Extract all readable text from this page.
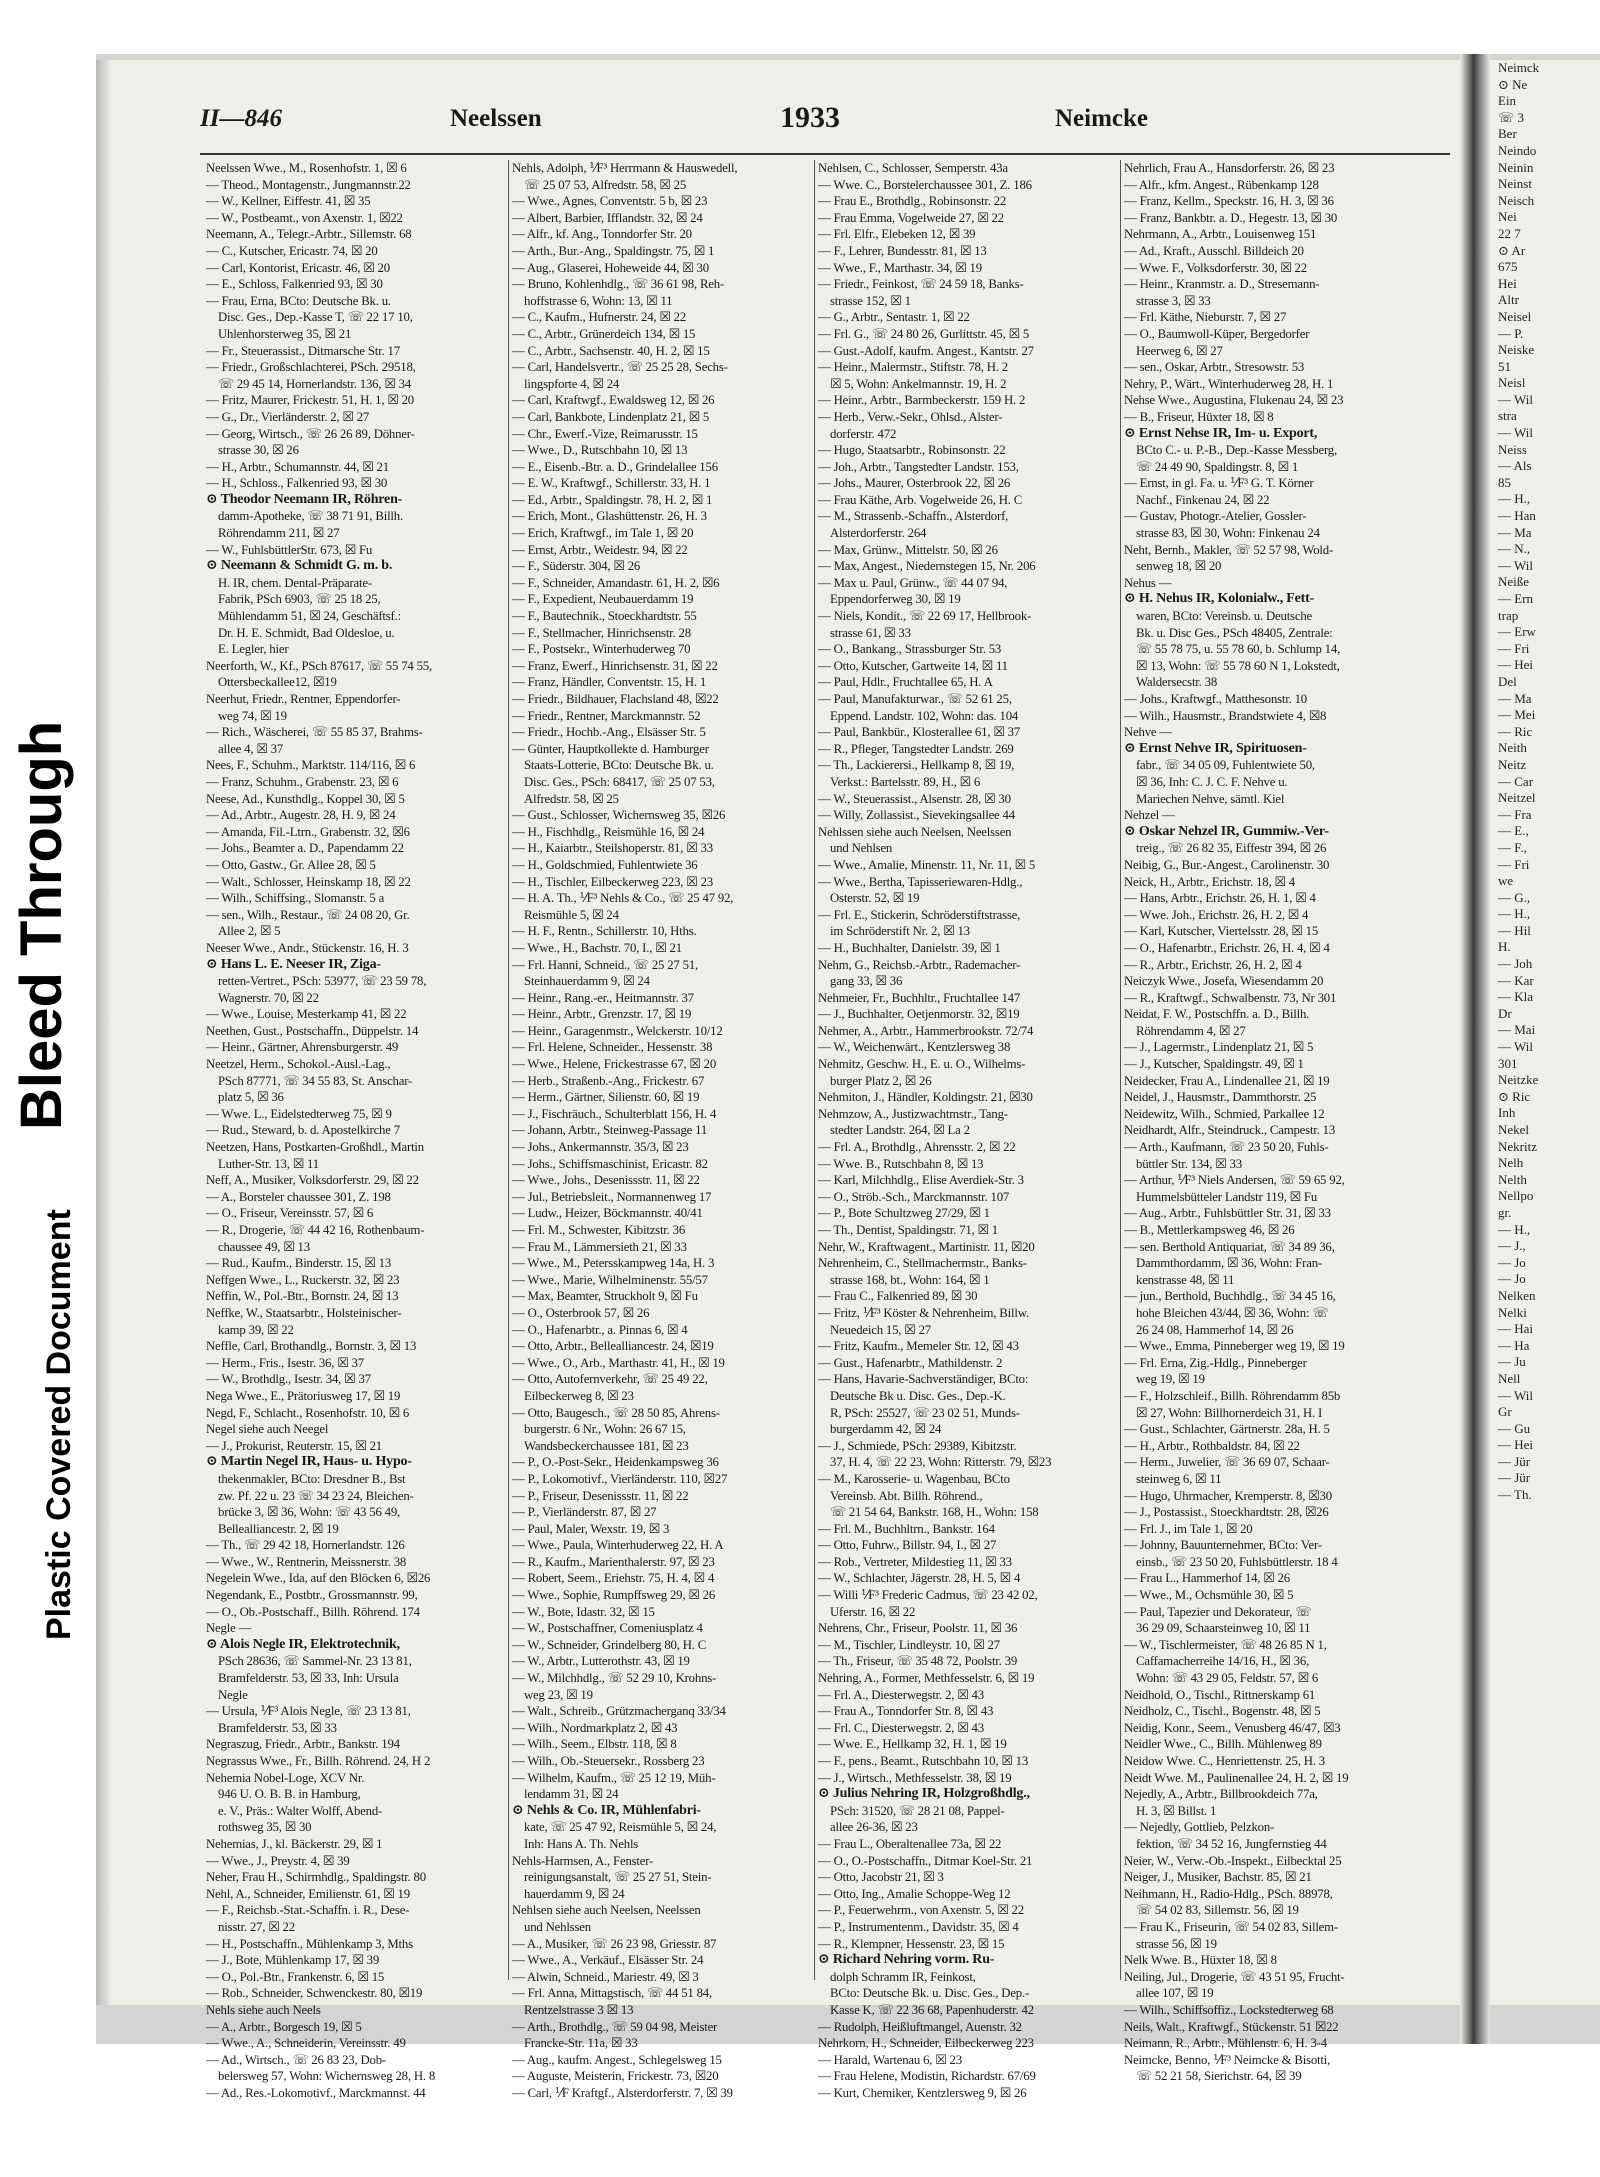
Bleed Through
Plastic Covered Document
Neimck
⊙ Ne
Ein
☏ 3
Ber
Neindo
Neinin
Neinst
Neisch
Nei
22 7
⊙ Ar
675
Hei
Altr
Neisel
— P.
Neiske
51
Neisl
— Wil
stra
— Wil
Neiss
— Als
85
— H.,
— Han
— Ma
— N.,
— Wil
Neiße
— Ern
trap
— Erw
— Fri
— Hei
Del
— Ma
— Mei
— Ric
Neith
Neitz
— Car
Neitzel
— Fra
— E.,
— F.,
— Fri
we
— G.,
— H.,
— Hil
H.
— Joh
— Kar
— Kla
Dr
— Mai
— Wil
301
Neitzke
⊙ Ric
Inh
Nekel
Nekritz
Nelh
Nelth
Nellpo
gr.
— H.,
— J.,
— Jo
— Jo
Nelken
Nelki
— Hai
— Ha
— Ju
Nell
— Wil
Gr
— Gu
— Hei
— Jür
— Jür
— Th.
II—846	Neelssen	1933	Neimcke
Neelssen Wwe., M., Rosenhofstr. 1, ☒ 6
— Theod., Montagenstr., Jungmannstr.22
— W., Kellner, Eiffestr. 41, ☒ 35
— W., Postbeamt., von Axenstr. 1, ☒22
Neemann, A., Telegr.-Arbtr., Sillemstr. 68
— C., Kutscher, Ericastr. 74, ☒ 20
— Carl, Kontorist, Ericastr. 46, ☒ 20
— E., Schloss, Falkenried 93, ☒ 30
— Frau, Erna, BCto: Deutsche Bk. u.
Disc. Ges., Dep.-Kasse T, ☏ 22 17 10,
Uhlenhorsterweg 35, ☒ 21
— Fr., Steuerassist., Ditmarsche Str. 17
— Friedr., Großschlachterei, PSch. 29518,
☏ 29 45 14, Hornerlandstr. 136, ☒ 34
— Fritz, Maurer, Frickestr. 51, H. 1, ☒ 20
— G., Dr., Vierländerstr. 2, ☒ 27
— Georg, Wirtsch., ☏ 26 26 89, Döhner-
strasse 30, ☒ 26
— H., Arbtr., Schumannstr. 44, ☒ 21
— H., Schloss., Falkenried 93, ☒ 30
⊙ Theodor Neemann IR, Röhren-
damm-Apotheke, ☏ 38 71 91, Billh.
Röhrendamm 211, ☒ 27
— W., FuhlsbüttlerStr. 673, ☒ Fu
⊙ Neemann & Schmidt G. m. b.
H. IR, chem. Dental-Präparate-
Fabrik, PSch 6903, ☏ 25 18 25,
Mühlendamm 51, ☒ 24, Geschäftsf.:
Dr. H. E. Schmidt, Bad Oldesloe, u.
E. Legler, hier
Neerforth, W., Kf., PSch 87617, ☏ 55 74 55,
Ottersbeckallee12, ☒19
Neerhut, Friedr., Rentner, Eppendorfer-
weg 74, ☒ 19
— Rich., Wäscherei, ☏ 55 85 37, Brahms-
allee 4, ☒ 37
Nees, F., Schuhm., Marktstr. 114/116, ☒ 6
— Franz, Schuhm., Grabenstr. 23, ☒ 6
Neese, Ad., Kunsthdlg., Koppel 30, ☒ 5
— Ad., Arbtr., Augestr. 28, H. 9, ☒ 24
— Amanda, Fil.-Ltrn., Grabenstr. 32, ☒6
— Johs., Beamter a. D., Papendamm 22
— Otto, Gastw., Gr. Allee 28, ☒ 5
— Walt., Schlosser, Heinskamp 18, ☒ 22
— Wilh., Schiffsing., Slomanstr. 5 a
— sen., Wilh., Restaur., ☏ 24 08 20, Gr.
Allee 2, ☒ 5
Neeser Wwe., Andr., Stückenstr. 16, H. 3
⊙ Hans L. E. Neeser IR, Ziga-
retten-Vertret., PSch: 53977, ☏ 23 59 78,
Wagnerstr. 70, ☒ 22
— Wwe., Louise, Mesterkamp 41, ☒ 22
Neethen, Gust., Postschaffn., Düppelstr. 14
— Heinr., Gärtner, Ahrensburgerstr. 49
Neetzel, Herm., Schokol.-Ausl.-Lag.,
PSch 87771, ☏ 34 55 83, St. Anschar-
platz 5, ☒ 36
— Wwe. L., Eidelstedterweg 75, ☒ 9
— Rud., Steward, b. d. Apostelkirche 7
Neetzen, Hans, Postkarten-Großhdl., Martin
Luther-Str. 13, ☒ 11
Neff, A., Musiker, Volksdorferstr. 29, ☒ 22
— A., Borsteler chaussee 301, Z. 198
— O., Friseur, Vereinsstr. 57, ☒ 6
— R., Drogerie, ☏ 44 42 16, Rothenbaum-
chaussee 49, ☒ 13
— Rud., Kaufm., Binderstr. 15, ☒ 13
Neffgen Wwe., L., Ruckerstr. 32, ☒ 23
Neffin, W., Pol.-Btr., Bornstr. 24, ☒ 13
Neffke, W., Staatsarbtr., Holsteinischer-
kamp 39, ☒ 22
Neffle, Carl, Brothandlg., Bornstr. 3, ☒ 13
— Herm., Fris., Isestr. 36, ☒ 37
— W., Brothdlg., Isestr. 34, ☒ 37
Nega Wwe., E., Prätoriusweg 17, ☒ 19
Negd, F., Schlacht., Rosenhofstr. 10, ☒ 6
Negel siehe auch Neegel
— J., Prokurist, Reuterstr. 15, ☒ 21
⊙ Martin Negel IR, Haus- u. Hypo-
thekenmakler, BCto: Dresdner B., Bst
zw. Pf. 22 u. 23 ☏ 34 23 24, Bleichen-
brücke 3, ☒ 36, Wohn: ☏ 43 56 49,
Bellealliancestr. 2, ☒ 19
— Th., ☏ 29 42 18, Hornerlandstr. 126
— Wwe., W., Rentnerin, Meissnerstr. 38
Negelein Wwe., Ida, auf den Blöcken 6, ☒26
Negendank, E., Postbtr., Grossmannstr. 99,
— O., Ob.-Postschaff., Billh. Röhrend. 174
Negle —
⊙ Alois Negle IR, Elektrotechnik,
PSch 28636, ☏ Sammel-Nr. 23 13 81,
Bramfelderstr. 53, ☒ 33, Inh: Ursula
Negle
— Ursula, ⅟F³ Alois Negle, ☏ 23 13 81,
Bramfelderstr. 53, ☒ 33
Negraszug, Friedr., Arbtr., Bankstr. 194
Negrassus Wwe., Fr., Billh. Röhrend. 24, H 2
Nehemia Nobel-Loge, XCV Nr.
946 U. O. B. B. in Hamburg,
e. V., Präs.: Walter Wolff, Abend-
rothsweg 35, ☒ 30
Nehemias, J., kl. Bäckerstr. 29, ☒ 1
— Wwe., J., Preystr. 4, ☒ 39
Neher, Frau H., Schirmhdlg., Spaldingstr. 80
Nehl, A., Schneider, Emilienstr. 61, ☒ 19
— F., Reichsb.-Stat.-Schaffn. i. R., Dese-
nisstr. 27, ☒ 22
— H., Postschaffn., Mühlenkamp 3, Mths
— J., Bote, Mühlenkamp 17, ☒ 39
— O., Pol.-Btr., Frankenstr. 6, ☒ 15
— Rob., Schneider, Schwenckestr. 80, ☒19
Nehls siehe auch Neels
— A., Arbtr., Borgesch 19, ☒ 5
— Wwe., A., Schneiderin, Vereinsstr. 49
— Ad., Wirtsch., ☏ 26 83 23, Dob-
belersweg 57, Wohn: Wichernsweg 28, H. 8
— Ad., Res.-Lokomotivf., Marckmannst. 44
Nehls, Adolph, ⅟F³ Herrmann & Hauswedell,
☏ 25 07 53, Alfredstr. 58, ☒ 25
— Wwe., Agnes, Conventstr. 5 b, ☒ 23
— Albert, Barbier, Ifflandstr. 32, ☒ 24
— Alfr., kf. Ang., Tonndorfer Str. 20
— Arth., Bur.-Ang., Spaldingstr. 75, ☒ 1
— Aug., Glaserei, Hoheweide 44, ☒ 30
— Bruno, Kohlenhdlg., ☏ 36 61 98, Reh-
hoffstrasse 6, Wohn: 13, ☒ 11
— C., Kaufm., Hufnerstr. 24, ☒ 22
— C., Arbtr., Grünerdeich 134, ☒ 15
— C., Arbtr., Sachsenstr. 40, H. 2, ☒ 15
— Carl, Handelsvertr., ☏ 25 25 28, Sechs-
lingspforte 4, ☒ 24
— Carl, Kraftwgf., Ewaldsweg 12, ☒ 26
— Carl, Bankbote, Lindenplatz 21, ☒ 5
— Chr., Ewerf.-Vize, Reimarusstr. 15
— Wwe., D., Rutschbahn 10, ☒ 13
— E., Eisenb.-Btr. a. D., Grindelallee 156
— E. W., Kraftwgf., Schillerstr. 33, H. 1
— Ed., Arbtr., Spaldingstr. 78, H. 2, ☒ 1
— Erich, Mont., Glashüttenstr. 26, H. 3
— Erich, Kraftwgf., im Tale 1, ☒ 20
— Ernst, Arbtr., Weidestr. 94, ☒ 22
— F., Süderstr. 304, ☒ 26
— F., Schneider, Amandastr. 61, H. 2, ☒6
— F., Expedient, Neubauerdamm 19
— F., Bautechnik., Stoeckhardtstr. 55
— F., Stellmacher, Hinrichsenstr. 28
— F., Postsekr., Winterhuderweg 70
— Franz, Ewerf., Hinrichsenstr. 31, ☒ 22
— Franz, Händler, Conventstr. 15, H. 1
— Friedr., Bildhauer, Flachsland 48, ☒22
— Friedr., Rentner, Marckmannstr. 52
— Friedr., Hochb.-Ang., Elsässer Str. 5
— Günter, Hauptkollekte d. Hamburger
Staats-Lotterie, BCto: Deutsche Bk. u.
Disc. Ges., PSch: 68417, ☏ 25 07 53,
Alfredstr. 58, ☒ 25
— Gust., Schlosser, Wichernsweg 35, ☒26
— H., Fischhdlg., Reismühle 16, ☒ 24
— H., Kaiarbtr., Steilshoperstr. 81, ☒ 33
— H., Goldschmied, Fuhlentwiete 36
— H., Tischler, Eilbeckerweg 223, ☒ 23
— H. A. Th., ⅟F³ Nehls & Co., ☏ 25 47 92,
Reismühle 5, ☒ 24
— H. F., Rentn., Schillerstr. 10, Hths.
— Wwe., H., Bachstr. 70, I., ☒ 21
— Frl. Hanni, Schneid., ☏ 25 27 51,
Steinhauerdamm 9, ☒ 24
— Heinr., Rang.-er., Heitmannstr. 37
— Heinr., Arbtr., Grenzstr. 17, ☒ 19
— Heinr., Garagenmstr., Welckerstr. 10/12
— Frl. Helene, Schneider., Hessenstr. 38
— Wwe., Helene, Frickestrasse 67, ☒ 20
— Herb., Straßenb.-Ang., Frickestr. 67
— Herm., Gärtner, Silienstr. 60, ☒ 19
— J., Fischräuch., Schulterblatt 156, H. 4
— Johann, Arbtr., Steinweg-Passage 11
— Johs., Ankermannstr. 35/3, ☒ 23
— Johs., Schiffsmaschinist, Ericastr. 82
— Wwe., Johs., Desenissstr. 11, ☒ 22
— Jul., Betriebsleit., Normannenweg 17
— Ludw., Heizer, Böckmannstr. 40/41
— Frl. M., Schwester, Kibitzstr. 36
— Frau M., Lämmersieth 21, ☒ 33
— Wwe., M., Petersskampweg 14a, H. 3
— Wwe., Marie, Wilhelminenstr. 55/57
— Max, Beamter, Struckholt 9, ☒ Fu
— O., Osterbrook 57, ☒ 26
— O., Hafenarbtr., a. Pinnas 6, ☒ 4
— Otto, Arbtr., Bellealliancestr. 24, ☒19
— Wwe., O., Arb., Marthastr. 41, H., ☒ 19
— Otto, Autofernverkehr, ☏ 25 49 22,
Eilbeckerweg 8, ☒ 23
— Otto, Baugesch., ☏ 28 50 85, Ahrens-
burgerstr. 6 Nr., Wohn: 26 67 15,
Wandsbeckerchaussee 181, ☒ 23
— P., O.-Post-Sekr., Heidenkampsweg 36
— P., Lokomotivf., Vierländerstr. 110, ☒27
— P., Friseur, Desenissstr. 11, ☒ 22
— P., Vierländerstr. 87, ☒ 27
— Paul, Maler, Wexstr. 19, ☒ 3
— Wwe., Paula, Winterhuderweg 22, H. A
— R., Kaufm., Marienthalerstr. 97, ☒ 23
— Robert, Seem., Eriehstr. 75, H. 4, ☒ 4
— Wwe., Sophie, Rumpffsweg 29, ☒ 26
— W., Bote, Idastr. 32, ☒ 15
— W., Postschaffner, Comeniusplatz 4
— W., Schneider, Grindelberg 80, H. C
— W., Arbtr., Lutterothstr. 43, ☒ 19
— W., Milchhdlg., ☏ 52 29 10, Krohns-
weg 23, ☒ 19
— Walt., Schreib., Grützmacherganq 33/34
— Wilh., Nordmarkplatz 2, ☒ 43
— Wilh., Seem., Elbstr. 118, ☒ 8
— Wilh., Ob.-Steuersekr., Rossberg 23
— Wilhelm, Kaufm., ☏ 25 12 19, Müh-
lendamm 31, ☒ 24
⊙ Nehls & Co. IR, Mühlenfabri-
kate, ☏ 25 47 92, Reismühle 5, ☒ 24,
Inh: Hans A. Th. Nehls
Nehls-Harmsen, A., Fenster-
reinigungsanstalt, ☏ 25 27 51, Stein-
hauerdamm 9, ☒ 24
Nehlsen siehe auch Neelsen, Neelssen
und Nehlssen
— A., Musiker, ☏ 26 23 98, Griesstr. 87
— Wwe., A., Verkäuf., Elsässer Str. 24
— Alwin, Schneid., Mariestr. 49, ☒ 3
— Frl. Anna, Mittagstisch, ☏ 44 51 84,
Rentzelstrasse 3 ☒ 13
— Arth., Brothdlg., ☏ 59 04 98, Meister
Francke-Str. 11a, ☒ 33
— Aug., kaufm. Angest., Schlegelsweg 15
— Auguste, Meisterin, Frickestr. 73, ☒20
— Carl, ⅟F Kraftgf., Alsterdorferstr. 7, ☒ 39
Nehlsen, C., Schlosser, Semperstr. 43a
— Wwe. C., Borstelerchaussee 301, Z. 186
— Frau E., Brothdlg., Robinsonstr. 22
— Frau Emma, Vogelweide 27, ☒ 22
— Frl. Elfr., Elebeken 12, ☒ 39
— F., Lehrer, Bundesstr. 81, ☒ 13
— Wwe., F., Marthastr. 34, ☒ 19
— Friedr., Feinkost, ☏ 24 59 18, Banks-
strasse 152, ☒ 1
— G., Arbtr., Sentastr. 1, ☒ 22
— Frl. G., ☏ 24 80 26, Gurlittstr. 45, ☒ 5
— Gust.-Adolf, kaufm. Angest., Kantstr. 27
— Heinr., Malermstr., Stiftstr. 78, H. 2
☒ 5, Wohn: Ankelmannstr. 19, H. 2
— Heinr., Arbtr., Barmbeckerstr. 159 H. 2
— Herb., Verw.-Sekr., Ohlsd., Alster-
dorferstr. 472
— Hugo, Staatsarbtr., Robinsonstr. 22
— Joh., Arbtr., Tangstedter Landstr. 153,
— Johs., Maurer, Osterbrook 22, ☒ 26
— Frau Käthe, Arb. Vogelweide 26, H. C
— M., Strassenb.-Schaffn., Alsterdorf,
Alsterdorferstr. 264
— Max, Grünw., Mittelstr. 50, ☒ 26
— Max, Angest., Niedernstegen 15, Nr. 206
— Max u. Paul, Grünw., ☏ 44 07 94,
Eppendorferweg 30, ☒ 19
— Niels, Kondit., ☏ 22 69 17, Hellbrook-
strasse 61, ☒ 33
— O., Bankang., Strassburger Str. 53
— Otto, Kutscher, Gartweite 14, ☒ 11
— Paul, Hdlr., Fruchtallee 65, H. A
— Paul, Manufakturwar., ☏ 52 61 25,
Eppend. Landstr. 102, Wohn: das. 104
— Paul, Bankbür., Klosterallee 61, ☒ 37
— R., Pfleger, Tangstedter Landstr. 269
— Th., Lackierersi., Hellkamp 8, ☒ 19,
Verkst.: Bartelsstr. 89, H., ☒ 6
— W., Steuerassist., Alsenstr. 28, ☒ 30
— Willy, Zollassist., Sievekingsallee 44
Nehlssen siehe auch Neelsen, Neelssen
und Nehlsen
— Wwe., Amalie, Minenstr. 11, Nr. 11, ☒ 5
— Wwe., Bertha, Tapisseriewaren-Hdlg.,
Osterstr. 52, ☒ 19
— Frl. E., Stickerin, Schröderstiftstrasse,
im Schröderstift Nr. 2, ☒ 13
— H., Buchhalter, Danielstr. 39, ☒ 1
Nehm, G., Reichsb.-Arbtr., Rademacher-
gang 33, ☒ 36
Nehmeier, Fr., Buchhltr., Fruchtallee 147
— J., Buchhalter, Oetjenmorstr. 32, ☒19
Nehmer, A., Arbtr., Hammerbrookstr. 72/74
— W., Weichenwärt., Kentzlersweg 38
Nehmitz, Geschw. H., E. u. O., Wilhelms-
burger Platz 2, ☒ 26
Nehmiton, J., Händler, Koldingstr. 21, ☒30
Nehmzow, A., Justizwachtmstr., Tang-
stedter Landstr. 264, ☒ La 2
— Frl. A., Brothdlg., Ahrensstr. 2, ☒ 22
— Wwe. B., Rutschbahn 8, ☒ 13
— Karl, Milchhdlg., Elise Averdiek-Str. 3
— O., Ströb.-Sch., Marckmannstr. 107
— P., Bote Schultzweg 27/29, ☒ 1
— Th., Dentist, Spaldingstr. 71, ☒ 1
Nehr, W., Kraftwagent., Martinistr. 11, ☒20
Nehrenheim, C., Stellmachermstr., Banks-
strasse 168, bt., Wohn: 164, ☒ 1
— Frau C., Falkenried 89, ☒ 30
— Fritz, ⅟F³ Köster & Nehrenheim, Billw.
Neuedeich 15, ☒ 27
— Fritz, Kaufm., Memeler Str. 12, ☒ 43
— Gust., Hafenarbtr., Mathildenstr. 2
— Hans, Havarie-Sachverständiger, BCto:
Deutsche Bk u. Disc. Ges., Dep.-K.
R, PSch: 25527, ☏ 23 02 51, Munds-
burgerdamm 42, ☒ 24
— J., Schmiede, PSch: 29389, Kibitzstr.
37, H. 4, ☏ 22 23, Wohn: Ritterstr. 79, ☒23
— M., Karosserie- u. Wagenbau, BCto
Vereinsb. Abt. Billh. Röhrend.,
☏ 21 54 64, Bankstr. 168, H., Wohn: 158
— Frl. M., Buchhltrn., Bankstr. 164
— Otto, Fuhrw., Billstr. 94, I., ☒ 27
— Rob., Vertreter, Mildestieg 11, ☒ 33
— W., Schlachter, Jägerstr. 28, H. 5, ☒ 4
— Willi ⅟F³ Frederic Cadmus, ☏ 23 42 02,
Uferstr. 16, ☒ 22
Nehrens, Chr., Friseur, Poolstr. 11, ☒ 36
— M., Tischler, Lindleystr. 10, ☒ 27
— Th., Friseur, ☏ 35 48 72, Poolstr. 39
Nehring, A., Former, Methfesselstr. 6, ☒ 19
— Frl. A., Diesterwegstr. 2, ☒ 43
— Frau A., Tonndorfer Str. 8, ☒ 43
— Frl. C., Diesterwegstr. 2, ☒ 43
— Wwe. E., Hellkamp 32, H. 1, ☒ 19
— F., pens., Beamt., Rutschbahn 10, ☒ 13
— J., Wirtsch., Methfesselstr. 38, ☒ 19
⊙ Julius Nehring IR, Holzgroßhdlg.,
PSch: 31520, ☏ 28 21 08, Pappel-
allee 26-36, ☒ 23
— Frau L., Oberaltenallee 73a, ☒ 22
— O., O.-Postschaffn., Ditmar Koel-Str. 21
— Otto, Jacobstr 21, ☒ 3
— Otto, Ing., Amalie Schoppe-Weg 12
— P., Feuerwehrm., von Axenstr. 5, ☒ 22
— P., Instrumentenm., Davidstr. 35, ☒ 4
— R., Klempner, Hessenstr. 23, ☒ 15
⊙ Richard Nehring vorm. Ru-
dolph Schramm IR, Feinkost,
BCto: Deutsche Bk. u. Disc. Ges., Dep.-
Kasse K, ☏ 22 36 68, Papenhuderstr. 42
— Rudolph, Heißluftmangel, Auenstr. 32
Nehrkorn, H., Schneider, Eilbeckerweg 223
— Harald, Wartenau 6, ☒ 23
— Frau Helene, Modistin, Richardstr. 67/69
— Kurt, Chemiker, Kentzlersweg 9, ☒ 26
Nehrlich, Frau A., Hansdorferstr. 26, ☒ 23
— Alfr., kfm. Angest., Rübenkamp 128
— Franz, Kellm., Speckstr. 16, H. 3, ☒ 36
— Franz, Bankbtr. a. D., Hegestr. 13, ☒ 30
Nehrmann, A., Arbtr., Louisenweg 151
— Ad., Kraft., Ausschl. Billdeich 20
— Wwe. F., Volksdorferstr. 30, ☒ 22
— Heinr., Kranmstr. a. D., Stresemann-
strasse 3, ☒ 33
— Frl. Käthe, Nieburstr. 7, ☒ 27
— O., Baumwoll-Küper, Bergedorfer
Heerweg 6, ☒ 27
— sen., Oskar, Arbtr., Stresowstr. 53
Nehry, P., Wärt., Winterhuderweg 28, H. 1
Nehse Wwe., Augustina, Flukenau 24, ☒ 23
— B., Friseur, Hüxter 18, ☒ 8
⊙ Ernst Nehse IR, Im- u. Export,
BCto C.- u. P.-B., Dep.-Kasse Messberg,
☏ 24 49 90, Spaldingstr. 8, ☒ 1
— Ernst, in gl. Fa. u. ⅟F³ G. T. Körner
Nachf., Finkenau 24, ☒ 22
— Gustav, Photogr.-Atelier, Gossler-
strasse 83, ☒ 30, Wohn: Finkenau 24
Neht, Bernh., Makler, ☏ 52 57 98, Wold-
senweg 18, ☒ 20
Nehus —
⊙ H. Nehus IR, Kolonialw., Fett-
waren, BCto: Vereinsb. u. Deutsche
Bk. u. Disc Ges., PSch 48405, Zentrale:
☏ 55 78 75, u. 55 78 60, b. Schlump 14,
☒ 13, Wohn: ☏ 55 78 60 N 1, Lokstedt,
Waldersecstr. 38
— Johs., Kraftwgf., Matthesonstr. 10
— Wilh., Hausmstr., Brandstwiete 4, ☒8
Nehve —
⊙ Ernst Nehve IR, Spirituosen-
fabr., ☏ 34 05 09, Fuhlentwiete 50,
☒ 36, Inh: C. J. C. F. Nehve u.
Mariechen Nehve, sämtl. Kiel
Nehzel —
⊙ Oskar Nehzel IR, Gummiw.-Ver-
treig., ☏ 26 82 35, Eiffestr 394, ☒ 26
Neibig, G., Bur.-Angest., Carolinenstr. 30
Neick, H., Arbtr., Erichstr. 18, ☒ 4
— Hans, Arbtr., Erichstr. 26, H. 1, ☒ 4
— Wwe. Joh., Erichstr. 26, H. 2, ☒ 4
— Karl, Kutscher, Viertelsstr. 28, ☒ 15
— O., Hafenarbtr., Erichstr. 26, H. 4, ☒ 4
— R., Arbtr., Erichstr. 26, H. 2, ☒ 4
Neiczyk Wwe., Josefa, Wiesendamm 20
— R., Kraftwgf., Schwalbenstr. 73, Nr 301
Neidat, F. W., Postschffn. a. D., Billh.
Röhrendamm 4, ☒ 27
— J., Lagermstr., Lindenplatz 21, ☒ 5
— J., Kutscher, Spaldingstr. 49, ☒ 1
Neidecker, Frau A., Lindenallee 21, ☒ 19
Neidel, J., Hausmstr., Dammthorstr. 25
Neidewitz, Wilh., Schmied, Parkallee 12
Neidhardt, Alfr., Steindruck., Campestr. 13
— Arth., Kaufmann, ☏ 23 50 20, Fuhls-
büttler Str. 134, ☒ 33
— Arthur, ⅟F³ Niels Andersen, ☏ 59 65 92,
Hummelsbütteler Landstr 119, ☒ Fu
— Aug., Arbtr., Fuhlsbüttler Str. 31, ☒ 33
— B., Mettlerkampsweg 46, ☒ 26
— sen. Berthold Antiquariat, ☏ 34 89 36,
Dammthordamm, ☒ 36, Wohn: Fran-
kenstrasse 48, ☒ 11
— jun., Berthold, Buchhdlg., ☏ 34 45 16,
hohe Bleichen 43/44, ☒ 36, Wohn: ☏
26 24 08, Hammerhof 14, ☒ 26
— Wwe., Emma, Pinneberger weg 19, ☒ 19
— Frl. Erna, Zig.-Hdlg., Pinneberger
weg 19, ☒ 19
— F., Holzschleif., Billh. Röhrendamm 85b
☒ 27, Wohn: Billhornerdeich 31, H. I
— Gust., Schlachter, Gärtnerstr. 28a, H. 5
— H., Arbtr., Rothbaldstr. 84, ☒ 22
— Herm., Juwelier, ☏ 36 69 07, Schaar-
steinweg 6, ☒ 11
— Hugo, Uhrmacher, Kremperstr. 8, ☒30
— J., Postassist., Stoeckhardtstr. 28, ☒26
— Frl. J., im Tale 1, ☒ 20
— Johnny, Bauunternehmer, BCto: Ver-
einsb., ☏ 23 50 20, Fuhlsbüttlerstr. 18 4
— Frau L., Hammerhof 14, ☒ 26
— Wwe., M., Ochsmühle 30, ☒ 5
— Paul, Tapezier und Dekorateur, ☏
36 29 09, Schaarsteinweg 10, ☒ 11
— W., Tischlermeister, ☏ 48 26 85 N 1,
Caffamacherreihe 14/16, H., ☒ 36,
Wohn: ☏ 43 29 05, Feldstr. 57, ☒ 6
Neidhold, O., Tischl., Rittnerskamp 61
Neidholz, C., Tischl., Bogenstr. 48, ☒ 5
Neidig, Konr., Seem., Venusberg 46/47, ☒3
Neidler Wwe., C., Billh. Mühlenweg 89
Neidow Wwe. C., Henriettenstr. 25, H. 3
Neidt Wwe. M., Paulinenallee 24, H. 2, ☒ 19
Nejedly, A., Arbtr., Billbrookdeich 77a,
H. 3, ☒ Billst. 1
— Nejedly, Gottlieb, Pelzkon-
fektion, ☏ 34 52 16, Jungfernstieg 44
Neier, W., Verw.-Ob.-Inspekt., Eilbecktal 25
Neiger, J., Musiker, Bachstr. 85, ☒ 21
Neihmann, H., Radio-Hdlg., PSch. 88978,
☏ 54 02 83, Sillemstr. 56, ☒ 19
— Frau K., Friseurin, ☏ 54 02 83, Sillem-
strasse 56, ☒ 19
Nelk Wwe. B., Hüxter 18, ☒ 8
Neiling, Jul., Drogerie, ☏ 43 51 95, Frucht-
allee 107, ☒ 19
— Wilh., Schiffsoffiz., Lockstedterweg 68
Neils, Walt., Kraftwgf., Stückenstr. 51 ☒22
Neimann, R., Arbtr., Mühlenstr. 6, H. 3-4
Neimcke, Benno, ⅟F³ Neimcke & Bisotti,
☏ 52 21 58, Sierichstr. 64, ☒ 39
